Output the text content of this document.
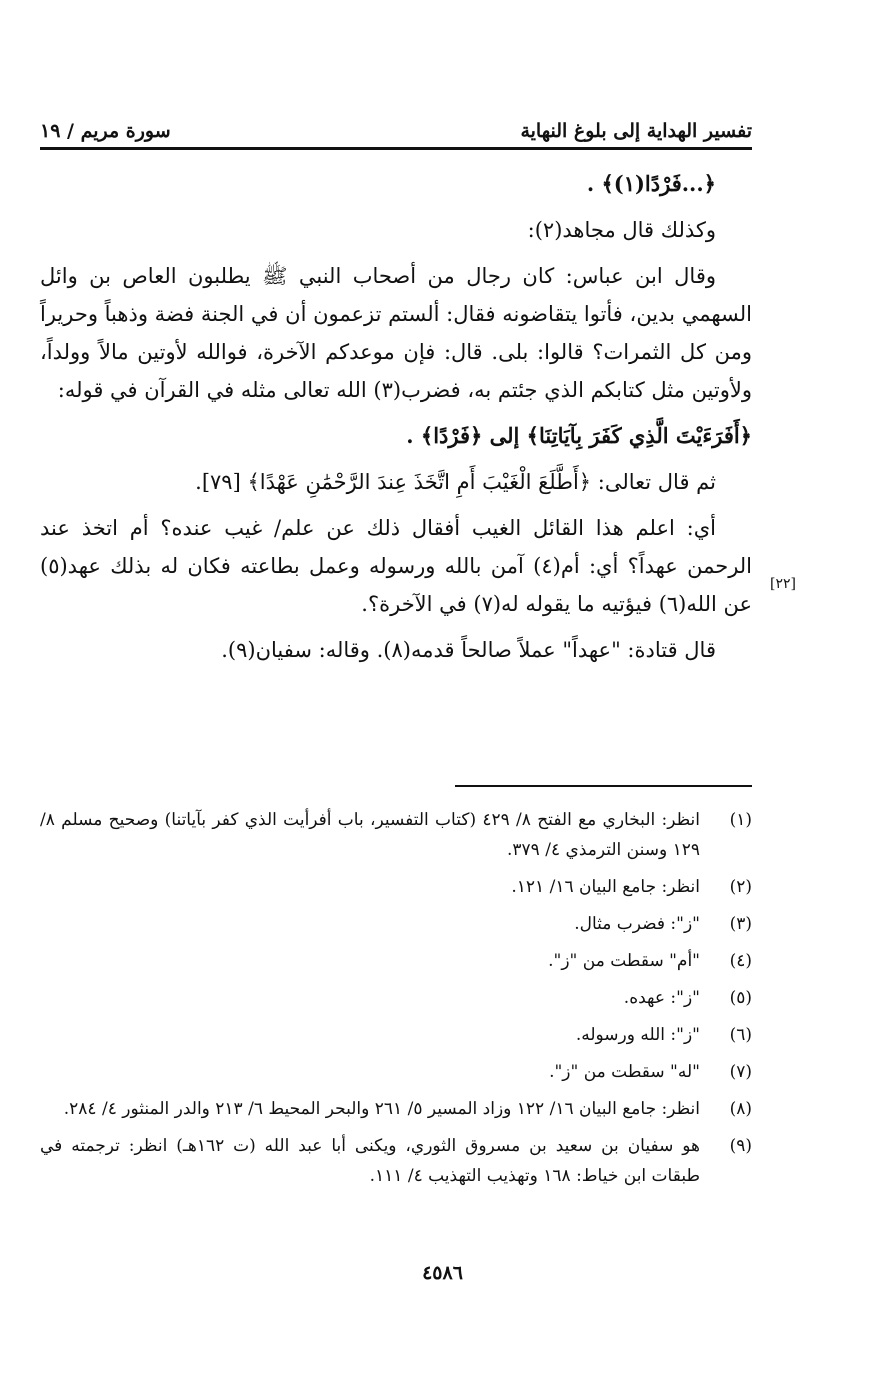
تفسير الهداية إلى بلوغ النهاية
سورة مريم / ١٩

﴿...فَرْدًا(١)﴾ .

وكذلك قال مجاهد(٢):

وقال ابن عباس: كان رجال من أصحاب النبي ﷺ يطلبون العاص بن وائل السهمي بدين، فأتوا يتقاضونه فقال: ألستم تزعمون أن في الجنة فضة وذهباً وحريراً ومن كل الثمرات؟ قالوا: بلى. قال: فإن موعدكم الآخرة، فوالله لأوتين مالاً وولداً، ولأوتين مثل كتابكم الذي جئتم به، فضرب(٣) الله تعالى مثله في القرآن في قوله:

﴿أَفَرَءَيْتَ الَّذِي كَفَرَ بِآيَاتِنَا﴾ إلى ﴿فَرْدًا﴾ .

ثم قال تعالى: ﴿أَطَّلَعَ الْغَيْبَ أَمِ اتَّخَذَ عِندَ الرَّحْمَٰنِ عَهْدًا﴾ [٧٩].

أي: اعلم هذا القائل الغيب أفقال ذلك عن علم/ غيب عنده؟ أم اتخذ عند الرحمن عهداً؟ أي: أم(٤) آمن بالله ورسوله وعمل بطاعته فكان له بذلك عهد(٥) عن الله(٦) فيؤتيه ما يقوله له(٧) في الآخرة؟.

قال قتادة: "عهداً" عملاً صالحاً قدمه(٨). وقاله: سفيان(٩).

[٢٢]
(١)
انظر: البخاري مع الفتح ٨/ ٤٢٩ (كتاب التفسير، باب أفرأيت الذي كفر بآياتنا) وصحيح مسلم ٨/ ١٢٩ وسنن الترمذي ٤/ ٣٧٩.
(٢)
انظر: جامع البيان ١٦/ ١٢١.
(٣)
"ز": فضرب مثال.
(٤)
"أم" سقطت من "ز".
(٥)
"ز": عهده.
(٦)
"ز": الله ورسوله.
(٧)
"له" سقطت من "ز".
(٨)
انظر: جامع البيان ١٦/ ١٢٢ وزاد المسير ٥/ ٢٦١ والبحر المحيط ٦/ ٢١٣ والدر المنثور ٤/ ٢٨٤.
(٩)
هو سفيان بن سعيد بن مسروق الثوري، ويكنى أبا عبد الله (ت ١٦٢هـ) انظر: ترجمته في طبقات ابن خياط: ١٦٨ وتهذيب التهذيب ٤/ ١١١.
٤٥٨٦
